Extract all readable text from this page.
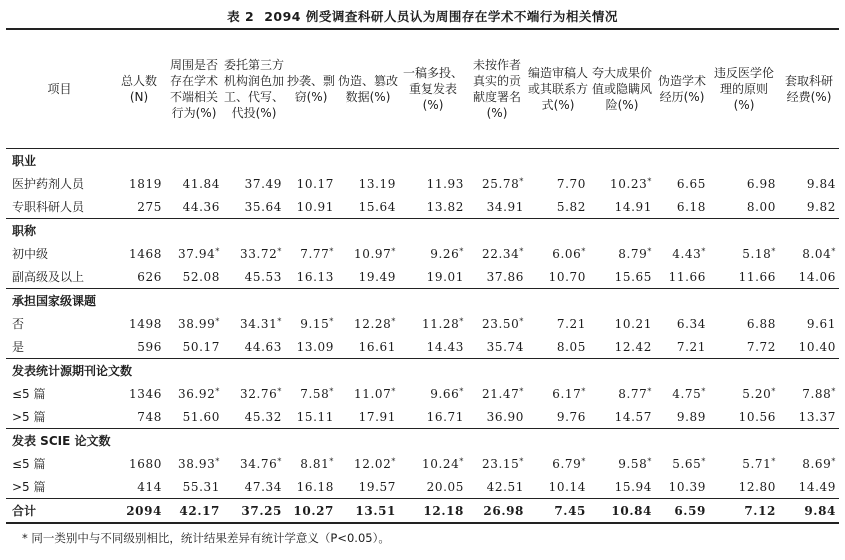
表 2 2094 例受调查科研人员认为周围存在学术不端行为相关情况
项目	总人数 (N)	周围是否存在学术不端相关行为(%)	委托第三方机构润色加工、代写、代投(%)	抄袭、剽窃(%)	伪造、篡改数据(%)	一稿多投、重复发表(%)	未按作者真实的贡献度署名(%)	编造审稿人或其联系方式(%)	夸大成果价值或隐瞒风险(%)	伪造学术经历(%)	违反医学伦理的原则(%)	套取科研经费(%)
职业												
医护药剂人员	1819	41.84	37.49	10.17	13.19	11.93	25.78*	7.70	10.23*	6.65	6.98	9.84
专职科研人员	275	44.36	35.64	10.91	15.64	13.82	34.91	5.82	14.91	6.18	8.00	9.82
职称												
初中级	1468	37.94*	33.72*	7.77*	10.97*	9.26*	22.34*	6.06*	8.79*	4.43*	5.18*	8.04*
副高级及以上	626	52.08	45.53	16.13	19.49	19.01	37.86	10.70	15.65	11.66	11.66	14.06
承担国家级课题												
否	1498	38.99*	34.31*	9.15*	12.28*	11.28*	23.50*	7.21	10.21	6.34	6.88	9.61
是	596	50.17	44.63	13.09	16.61	14.43	35.74	8.05	12.42	7.21	7.72	10.40
发表统计源期刊论文数												
≤5 篇	1346	36.92*	32.76*	7.58*	11.07*	9.66*	21.47*	6.17*	8.77*	4.75*	5.20*	7.88*
>5 篇	748	51.60	45.32	15.11	17.91	16.71	36.90	9.76	14.57	9.89	10.56	13.37
发表 SCIE 论文数												
≤5 篇	1680	38.93*	34.76*	8.81*	12.02*	10.24*	23.15*	6.79*	9.58*	5.65*	5.71*	8.69*
>5 篇	414	55.31	47.34	16.18	19.57	20.05	42.51	10.14	15.94	10.39	12.80	14.49
合计	2094	42.17	37.25	10.27	13.51	12.18	26.98	7.45	10.84	6.59	7.12	9.84
* 同一类别中与不同级别相比，统计结果差异有统计学意义（P<0.05）。
